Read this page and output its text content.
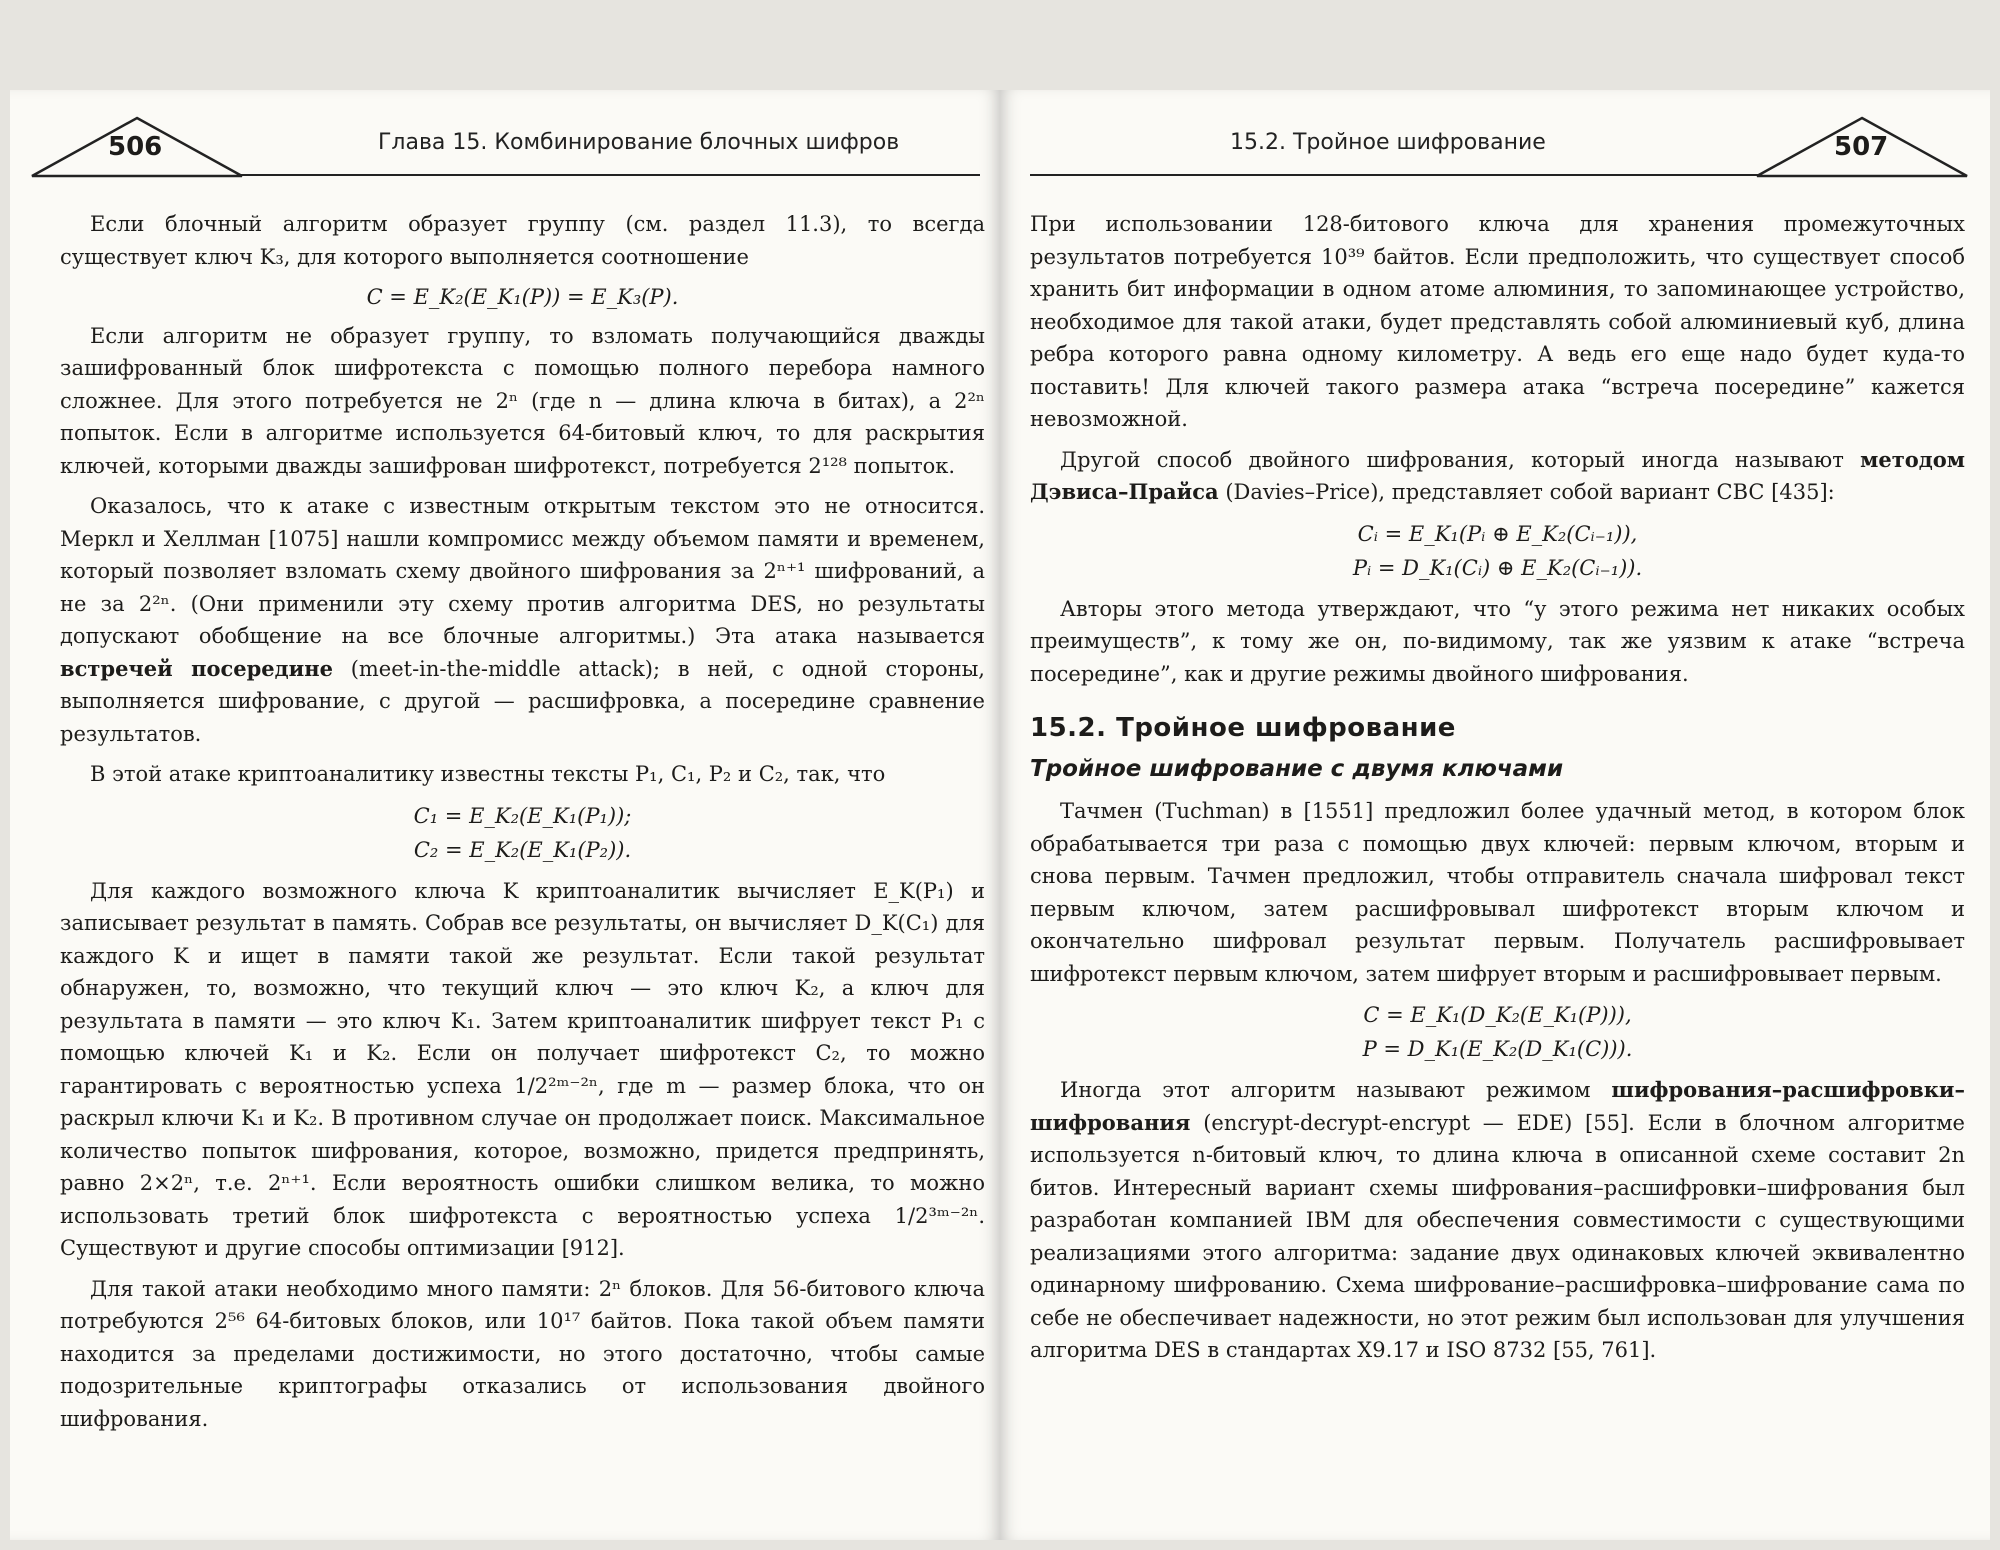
506	Глава 15. Комбинирование блочных шифров

Если блочный алгоритм образует группу (см. раздел 11.3), то всегда существует ключ K₃, для которого выполняется соотношение

C = E_K₂(E_K₁(P)) = E_K₃(P).

Если алгоритм не образует группу, то взломать получающийся дважды зашифрованный блок шифротекста с помощью полного перебора намного сложнее. Для этого потребуется не 2ⁿ (где n — длина ключа в битах), а 2²ⁿ попыток. Если в алгоритме используется 64-битовый ключ, то для раскрытия ключей, которыми дважды зашифрован шифротекст, потребуется 2¹²⁸ попыток.

Оказалось, что к атаке с известным открытым текстом это не относится. Меркл и Хеллман [1075] нашли компромисс между объемом памяти и временем, который позволяет взломать схему двойного шифрования за 2ⁿ⁺¹ шифрований, а не за 2²ⁿ. (Они применили эту схему против алгоритма DES, но результаты допускают обобщение на все блочные алгоритмы.) Эта атака называется встречей посередине (meet-in-the-middle attack); в ней, с одной стороны, выполняется шифрование, с другой — расшифровка, а посередине сравнение результатов.

В этой атаке криптоаналитику известны тексты P₁, C₁, P₂ и C₂, так, что

C₁ = E_K₂(E_K₁(P₁));
C₂ = E_K₂(E_K₁(P₂)).

Для каждого возможного ключа K криптоаналитик вычисляет E_K(P₁) и записывает результат в память. Собрав все результаты, он вычисляет D_K(C₁) для каждого K и ищет в памяти такой же результат. Если такой результат обнаружен, то, возможно, что текущий ключ — это ключ K₂, а ключ для результата в памяти — это ключ K₁. Затем криптоаналитик шифрует текст P₁ с помощью ключей K₁ и K₂. Если он получает шифротекст C₂, то можно гарантировать с вероятностью успеха 1/2²ᵐ⁻²ⁿ, где m — размер блока, что он раскрыл ключи K₁ и K₂. В противном случае он продолжает поиск. Максимальное количество попыток шифрования, которое, возможно, придется предпринять, равно 2×2ⁿ, т.е. 2ⁿ⁺¹. Если вероятность ошибки слишком велика, то можно использовать третий блок шифротекста с вероятностью успеха 1/2³ᵐ⁻²ⁿ. Существуют и другие способы оптимизации [912].

Для такой атаки необходимо много памяти: 2ⁿ блоков. Для 56-битового ключа потребуются 2⁵⁶ 64-битовых блоков, или 10¹⁷ байтов. Пока такой объем памяти находится за пределами достижимости, но этого достаточно, чтобы самые подозрительные криптографы отказались от использования двойного шифрования.

507
15.2. Тройное шифрование

При использовании 128-битового ключа для хранения промежуточных результатов потребуется 10³⁹ байтов. Если предположить, что существует способ хранить бит информации в одном атоме алюминия, то запоминающее устройство, необходимое для такой атаки, будет представлять собой алюминиевый куб, длина ребра которого равна одному километру. А ведь его еще надо будет куда-то поставить! Для ключей такого размера атака “встреча посередине” кажется невозможной.

Другой способ двойного шифрования, который иногда называют методом Дэвиса–Прайса (Davies–Price), представляет собой вариант CBC [435]:

Cᵢ = E_K₁(Pᵢ ⊕ E_K₂(Cᵢ₋₁)),
Pᵢ = D_K₁(Cᵢ) ⊕ E_K₂(Cᵢ₋₁)).

Авторы этого метода утверждают, что “у этого режима нет никаких особых преимуществ”, к тому же он, по-видимому, так же уязвим к атаке “встреча посередине”, как и другие режимы двойного шифрования.

15.2. Тройное шифрование
Тройное шифрование с двумя ключами

Тачмен (Tuchman) в [1551] предложил более удачный метод, в котором блок обрабатывается три раза с помощью двух ключей: первым ключом, вторым и снова первым. Тачмен предложил, чтобы отправитель сначала шифровал текст первым ключом, затем расшифровывал шифротекст вторым ключом и окончательно шифровал результат первым. Получатель расшифровывает шифротекст первым ключом, затем шифрует вторым и расшифровывает первым.

C = E_K₁(D_K₂(E_K₁(P))),
P = D_K₁(E_K₂(D_K₁(C))).

Иногда этот алгоритм называют режимом шифрования–расшифровки–шифрования (encrypt-decrypt-encrypt — EDE) [55]. Если в блочном алгоритме используется n-битовый ключ, то длина ключа в описанной схеме составит 2n битов. Интересный вариант схемы шифрования–расшифровки–шифрования был разработан компанией IBM для обеспечения совместимости с существующими реализациями этого алгоритма: задание двух одинаковых ключей эквивалентно одинарному шифрованию. Схема шифрование–расшифровка–шифрование сама по себе не обеспечивает надежности, но этот режим был использован для улучшения алгоритма DES в стандартах X9.17 и ISO 8732 [55, 761].
